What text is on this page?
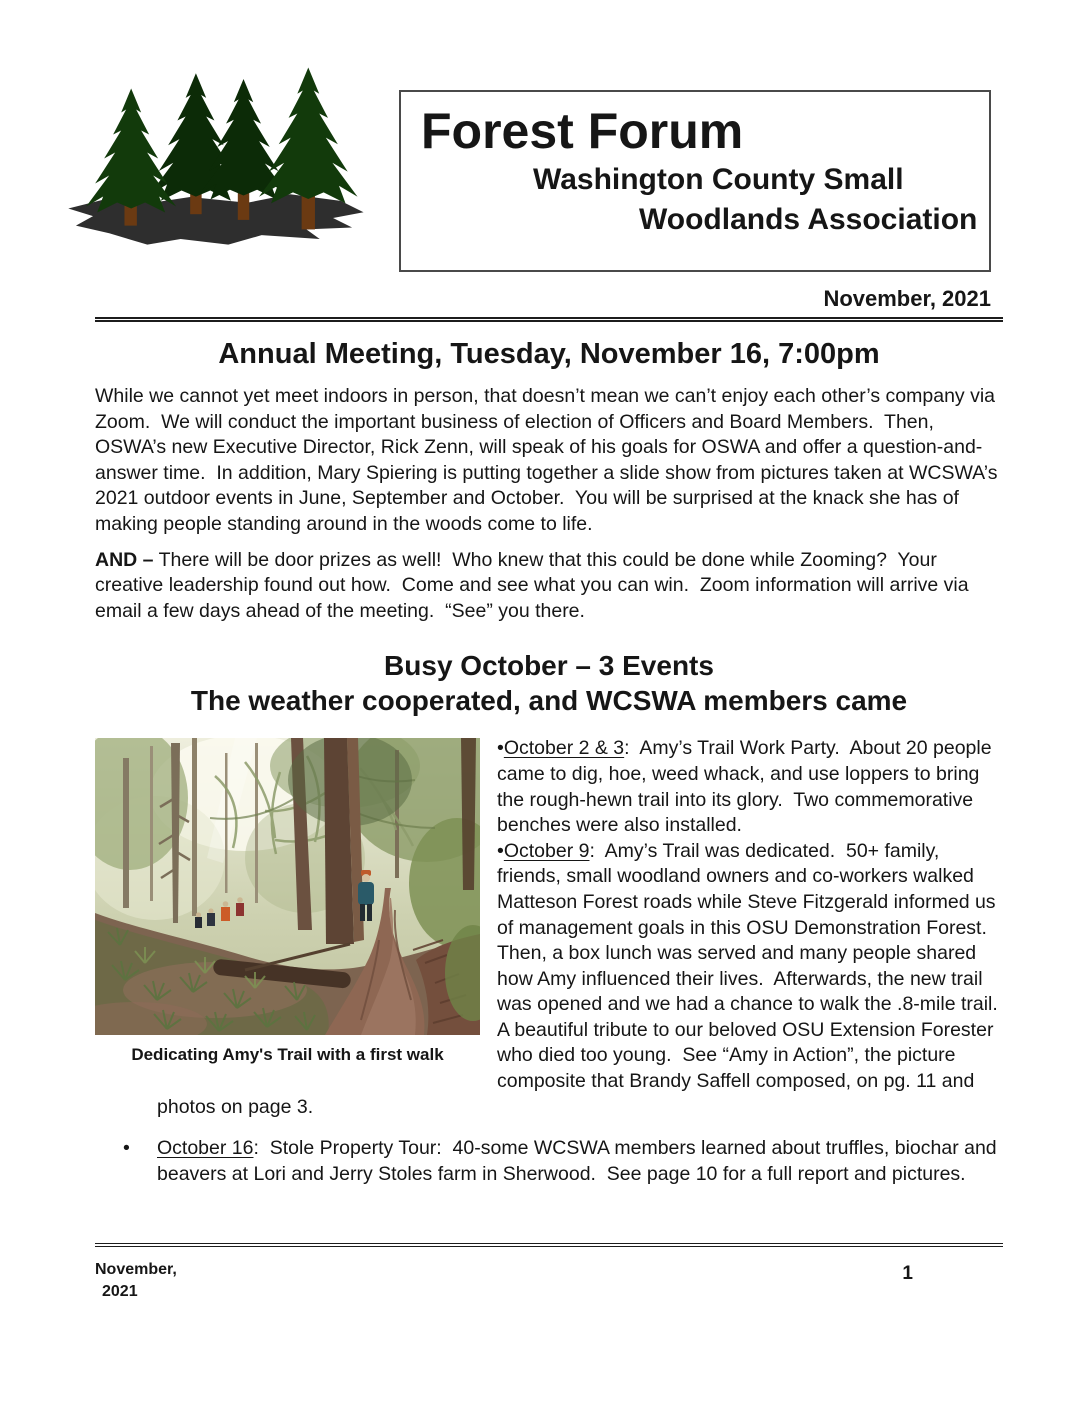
Forest Forum
Washington County Small
Woodlands Association
November, 2021
Annual Meeting, Tuesday, November 16, 7:00pm

While we cannot yet meet indoors in person, that doesn’t mean we can’t enjoy each other’s company via Zoom.  We will conduct the important business of election of Officers and Board Members.  Then, OSWA’s new Executive Director, Rick Zenn, will speak of his goals for OSWA and offer a question-and-answer time.  In addition, Mary Spiering is putting together a slide show from pictures taken at WCSWA’s 2021 outdoor events in June, September and October.  You will be surprised at the knack she has of making people standing around in the woods come to life.

AND – There will be door prizes as well!  Who knew that this could be done while Zooming?  Your creative leadership found out how.  Come and see what you can win.  Zoom information will arrive via email a few days ahead of the meeting.  “See” you there.

Busy October – 3 Events
The weather cooperated, and WCSWA members came
Dedicating Amy's Trail with a first walk
•October 2 & 3:  Amy’s Trail Work Party.  About 20 people came to dig, hoe, weed whack, and use loppers to bring the rough-hewn trail into its glory.  Two commemorative benches were also installed.
•October 9:  Amy’s Trail was dedicated.  50+ family, friends, small woodland owners and co-workers walked Matteson Forest roads while Steve Fitzgerald informed us of management goals in this OSU Demonstration Forest.  Then, a box lunch was served and many people shared how Amy influenced their lives.  Afterwards, the new trail was opened and we had a chance to walk the .8-mile trail.  A beautiful tribute to our beloved OSU Extension Forester who died too young.  See “Amy in Action”, the picture composite that Brandy Saffell composed, on pg. 11 and photos on page 3.
• October 16:  Stole Property Tour:  40-some WCSWA members learned about truffles, biochar and beavers at Lori and Jerry Stoles farm in Sherwood.  See page 10 for a full report and pictures.
November,
2021
1
